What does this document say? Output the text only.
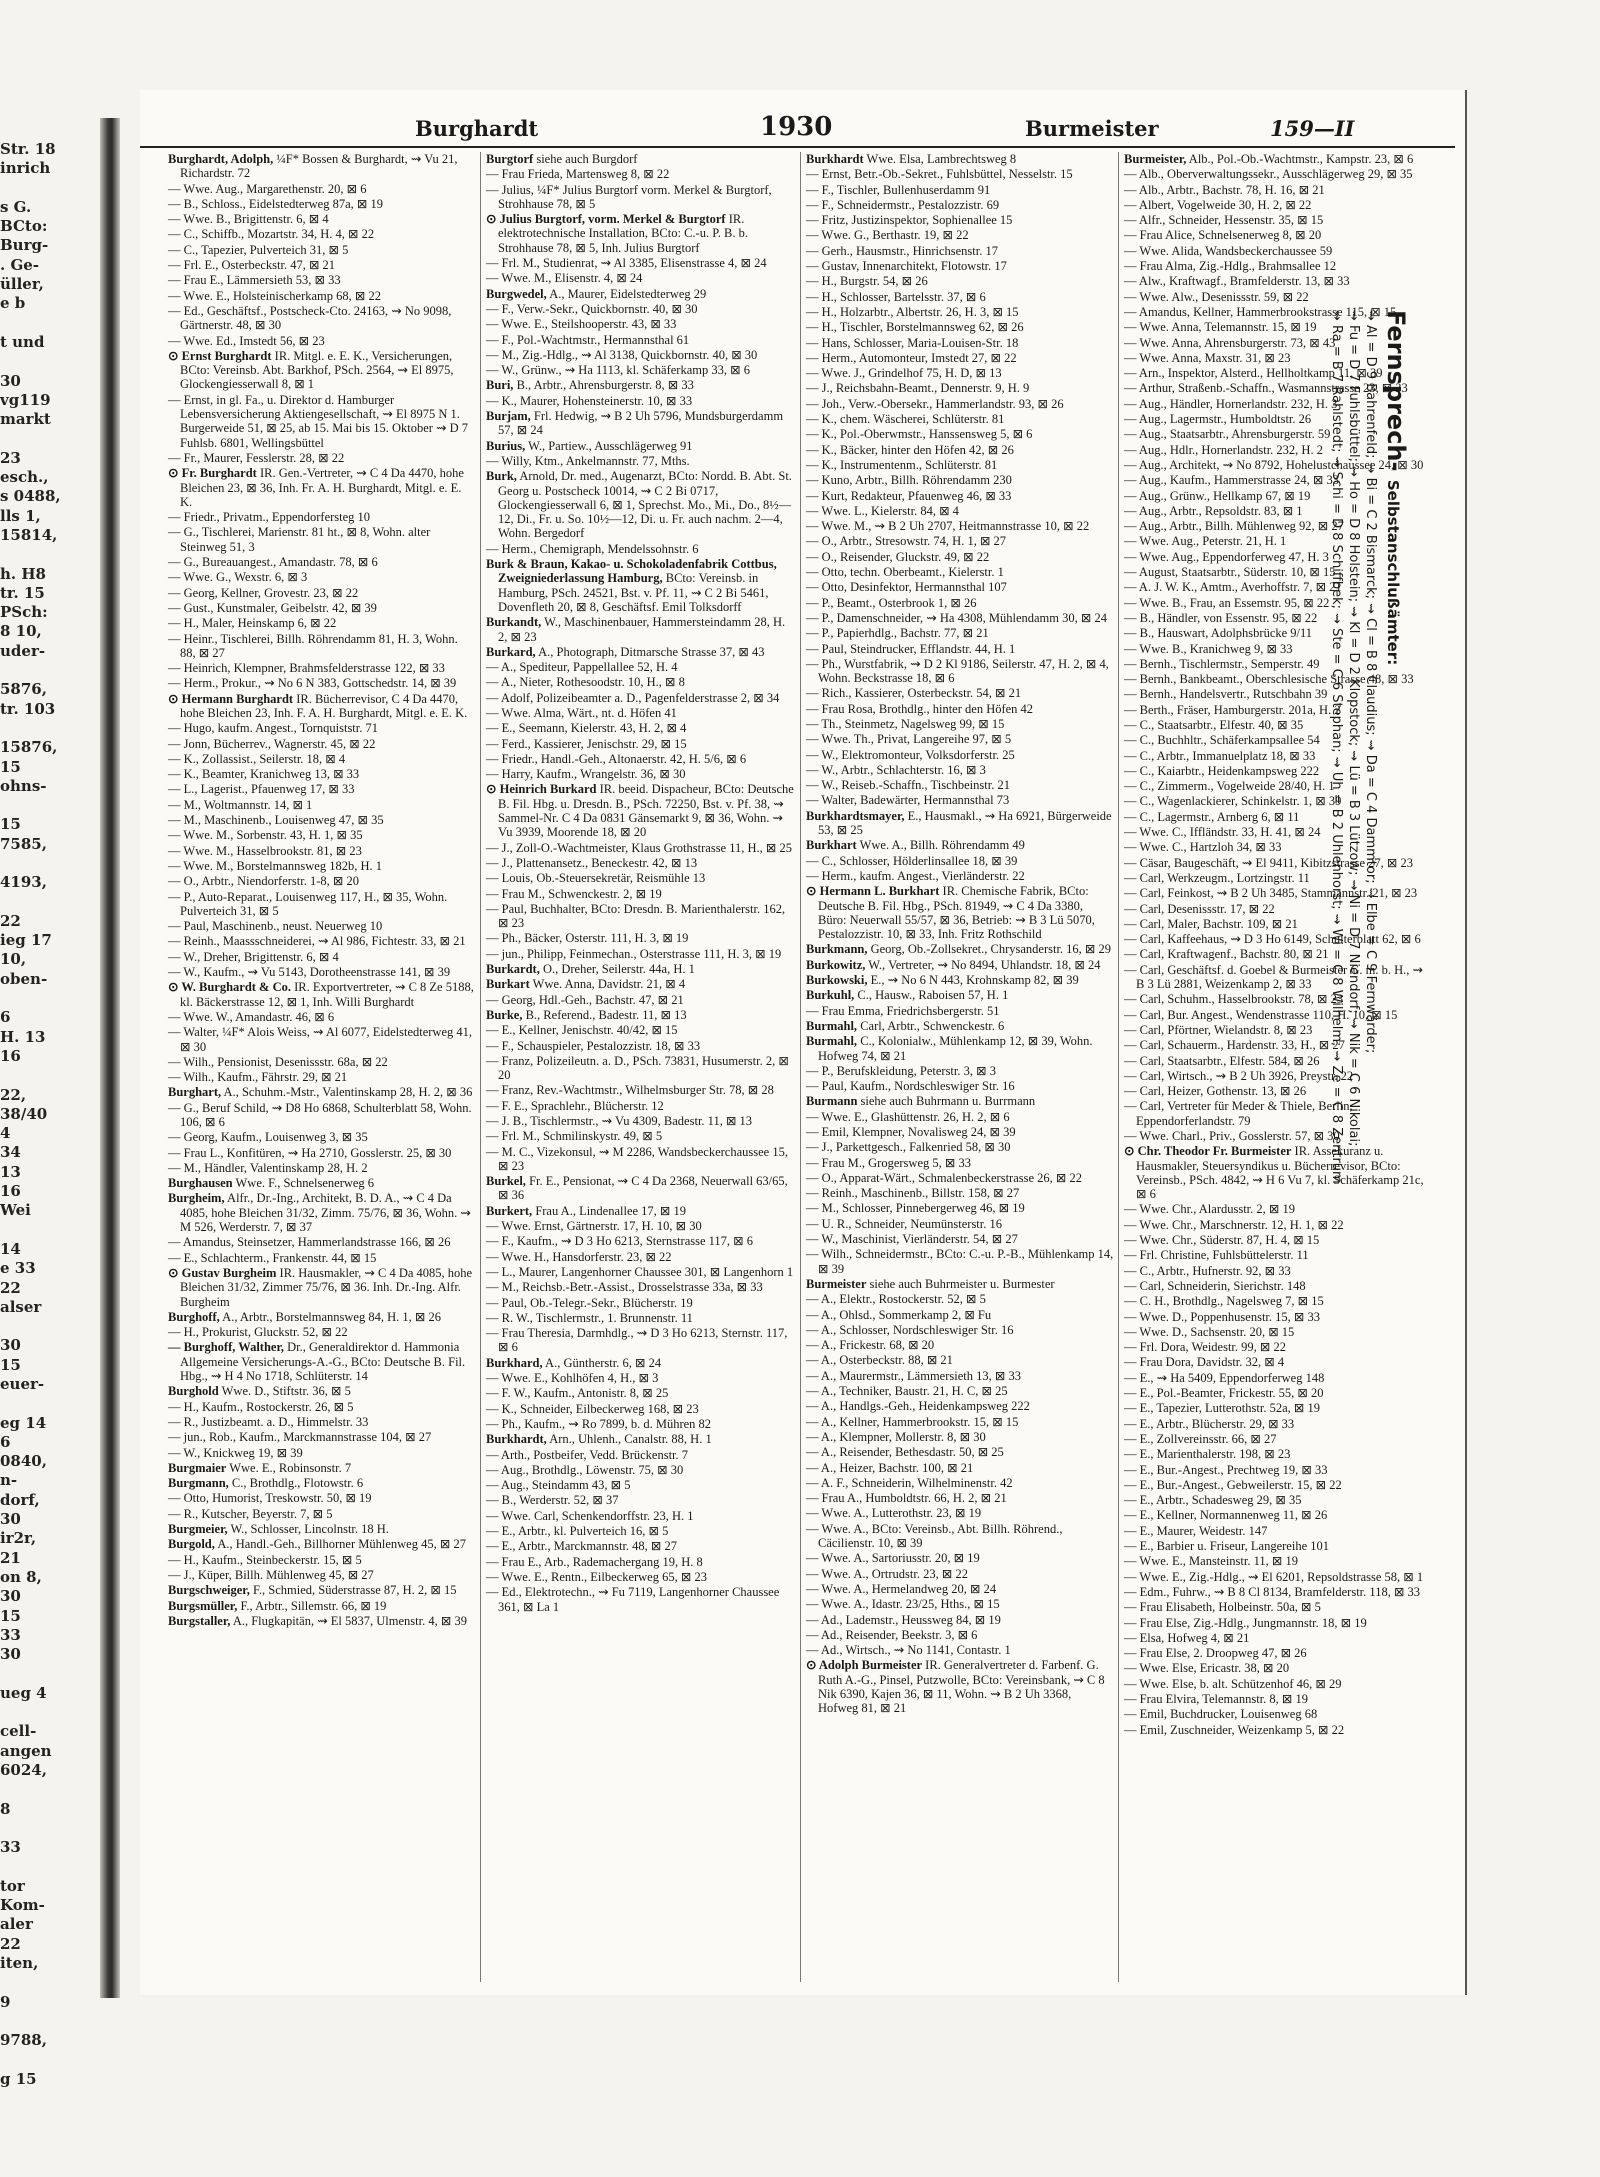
Str. 18
inrich
s G.
BCto:
Burg-
. Ge-
üller,
e b
t und
30
vg119
markt
23
esch.,
s 0488,
lls 1,
15814,
h. H8
tr. 15
PSch:
8 10,
uder-
5876,
tr. 103
15876,
15
ohns-
15
7585,
4193,
22
ieg 17
10,
oben-
6
H. 13
16
22,
38/40
4
34
13
16
Wei
14
e 33
22
alser
30
15
euer-
eg 14
6
0840,
n-
dorf,
30
ir2r,
21
on 8,
30
15
33
30
ueg 4
cell-
angen
6024,
8
33
tor
Kom-
aler
22
iten,
9
9788,
g 15
Burghardt	1930	Burmeister	159—II
Burghardt, Adolph, ¼F* Bossen & Burghardt, ⇝ Vu 21, Richardstr. 72
— Wwe. Aug., Margarethenstr. 20, ⊠ 6
— B., Schloss., Eidelstedterweg 87a, ⊠ 19
— Wwe. B., Brigittenstr. 6, ⊠ 4
— C., Schiffb., Mozartstr. 34, H. 4, ⊠ 22
— C., Tapezier, Pulverteich 31, ⊠ 5
— Frl. E., Osterbeckstr. 47, ⊠ 21
— Frau E., Lämmersieth 53, ⊠ 33
— Wwe. E., Holsteinischerkamp 68, ⊠ 22
— Ed., Geschäftsf., Postscheck-Cto. 24163, ⇝ No 9098, Gärtnerstr. 48, ⊠ 30
— Wwe. Ed., Imstedt 56, ⊠ 23
⊙ Ernst Burghardt IR. Mitgl. e. E. K., Versicherungen, BCto: Vereinsb. Abt. Barkhof, PSch. 2564, ⇝ El 8975, Glockengiesserwall 8, ⊠ 1
— Ernst, in gl. Fa., u. Direktor d. Hamburger Lebensversicherung Aktiengesellschaft, ⇝ El 8975 N 1. Burgerweide 51, ⊠ 25, ab 15. Mai bis 15. Oktober ⇝ D 7 Fuhlsb. 6801, Wellingsbüttel
— Fr., Maurer, Fesslerstr. 28, ⊠ 22
⊙ Fr. Burghardt IR. Gen.-Vertreter, ⇝ C 4 Da 4470, hohe Bleichen 23, ⊠ 36, Inh. Fr. A. H. Burghardt, Mitgl. e. E. K.
— Friedr., Privatm., Eppendorfersteg 10
— G., Tischlerei, Marienstr. 81 ht., ⊠ 8, Wohn. alter Steinweg 51, 3
— G., Bureauangest., Amandastr. 78, ⊠ 6
— Wwe. G., Wexstr. 6, ⊠ 3
— Georg, Kellner, Grovestr. 23, ⊠ 22
— Gust., Kunstmaler, Geibelstr. 42, ⊠ 39
— H., Maler, Heinskamp 6, ⊠ 22
— Heinr., Tischlerei, Billh. Röhrendamm 81, H. 3, Wohn. 88, ⊠ 27
— Heinrich, Klempner, Brahmsfelderstrasse 122, ⊠ 33
— Herm., Prokur., ⇝ No 6 N 383, Gottschedstr. 14, ⊠ 39
⊙ Hermann Burghardt IR. Bücherrevisor, C 4 Da 4470, hohe Bleichen 23, Inh. F. A. H. Burghardt, Mitgl. e. E. K.
— Hugo, kaufm. Angest., Tornquiststr. 71
— Jonn, Bücherrev., Wagnerstr. 45, ⊠ 22
— K., Zollassist., Seilerstr. 18, ⊠ 4
— K., Beamter, Kranichweg 13, ⊠ 33
— L., Lagerist., Pfauenweg 17, ⊠ 33
— M., Woltmannstr. 14, ⊠ 1
— M., Maschinenb., Louisenweg 47, ⊠ 35
— Wwe. M., Sorbenstr. 43, H. 1, ⊠ 35
— Wwe. M., Hasselbrookstr. 81, ⊠ 23
— Wwe. M., Borstelmannsweg 182b, H. 1
— O., Arbtr., Niendorferstr. 1-8, ⊠ 20
— P., Auto-Reparat., Louisenweg 117, H., ⊠ 35, Wohn. Pulverteich 31, ⊠ 5
— Paul, Maschinenb., neust. Neuerweg 10
— Reinh., Maassschneiderei, ⇝ Al 986, Fichtestr. 33, ⊠ 21
— W., Dreher, Brigittenstr. 6, ⊠ 4
— W., Kaufm., ⇝ Vu 5143, Dorotheenstrasse 141, ⊠ 39
⊙ W. Burghardt & Co. IR. Exportvertreter, ⇝ C 8 Ze 5188, kl. Bäckerstrasse 12, ⊠ 1, Inh. Willi Burghardt
— Wwe. W., Amandastr. 46, ⊠ 6
— Walter, ¼F* Alois Weiss, ⇝ Al 6077, Eidelstedterweg 41, ⊠ 30
— Wilh., Pensionist, Desenissstr. 68a, ⊠ 22
— Wilh., Kaufm., Fährstr. 29, ⊠ 21
Burghart, A., Schuhm.-Mstr., Valentinskamp 28, H. 2, ⊠ 36
— G., Beruf Schild, ⇝ D8 Ho 6868, Schulterblatt 58, Wohn. 106, ⊠ 6
— Georg, Kaufm., Louisenweg 3, ⊠ 35
— Frau L., Konfitüren, ⇝ Ha 2710, Gosslerstr. 25, ⊠ 30
— M., Händler, Valentinskamp 28, H. 2
Burghausen Wwe. F., Schnelsenerweg 6
Burgheim, Alfr., Dr.-Ing., Architekt, B. D. A., ⇝ C 4 Da 4085, hohe Bleichen 31/32, Zimm. 75/76, ⊠ 36, Wohn. ⇝ M 526, Werderstr. 7, ⊠ 37
— Amandus, Steinsetzer, Hammerlandstrasse 166, ⊠ 26
— E., Schlachterm., Frankenstr. 44, ⊠ 15
⊙ Gustav Burgheim IR. Hausmakler, ⇝ C 4 Da 4085, hohe Bleichen 31/32, Zimmer 75/76, ⊠ 36. Inh. Dr.-Ing. Alfr. Burgheim
Burghoff, A., Arbtr., Borstelmannsweg 84, H. 1, ⊠ 26
— H., Prokurist, Gluckstr. 52, ⊠ 22
— Burghoff, Walther, Dr., Generaldirektor d. Hammonia Allgemeine Versicherungs-A.-G., BCto: Deutsche B. Fil. Hbg., ⇝ H 4 No 1718, Schlüterstr. 14
Burghold Wwe. D., Stiftstr. 36, ⊠ 5
— H., Kaufm., Rostockerstr. 26, ⊠ 5
— R., Justizbeamt. a. D., Himmelstr. 33
— jun., Rob., Kaufm., Marckmannstrasse 104, ⊠ 27
— W., Knickweg 19, ⊠ 39
Burgmaier Wwe. E., Robinsonstr. 7
Burgmann, C., Brothdlg., Flotowstr. 6
— Otto, Humorist, Treskowstr. 50, ⊠ 19
— R., Kutscher, Beyerstr. 7, ⊠ 5
Burgmeier, W., Schlosser, Lincolnstr. 18 H.
Burgold, A., Handl.-Geh., Billhorner Mühlenweg 45, ⊠ 27
— H., Kaufm., Steinbeckerstr. 15, ⊠ 5
— J., Küper, Billh. Mühlenweg 45, ⊠ 27
Burgschweiger, F., Schmied, Süderstrasse 87, H. 2, ⊠ 15
Burgsmüller, F., Arbtr., Sillemstr. 66, ⊠ 19
Burgstaller, A., Flugkapitän, ⇝ El 5837, Ulmenstr. 4, ⊠ 39
Burgtorf siehe auch Burgdorf
— Frau Frieda, Martensweg 8, ⊠ 22
— Julius, ¼F* Julius Burgtorf vorm. Merkel & Burgtorf, Strohhause 78, ⊠ 5
⊙ Julius Burgtorf, vorm. Merkel & Burgtorf IR. elektrotechnische Installation, BCto: C.-u. P. B. b. Strohhause 78, ⊠ 5, Inh. Julius Burgtorf
— Frl. M., Studienrat, ⇝ Al 3385, Elisenstrasse 4, ⊠ 24
— Wwe. M., Elisenstr. 4, ⊠ 24
Burgwedel, A., Maurer, Eidelstedterweg 29
— F., Verw.-Sekr., Quickbornstr. 40, ⊠ 30
— Wwe. E., Steilshooperstr. 43, ⊠ 33
— F., Pol.-Wachtmstr., Hermannsthal 61
— M., Zig.-Hdlg., ⇝ Al 3138, Quickbornstr. 40, ⊠ 30
— W., Grünw., ⇝ Ha 1113, kl. Schäferkamp 33, ⊠ 6
Buri, B., Arbtr., Ahrensburgerstr. 8, ⊠ 33
— K., Maurer, Hohensteinerstr. 10, ⊠ 33
Burjam, Frl. Hedwig, ⇝ B 2 Uh 5796, Mundsburgerdamm 57, ⊠ 24
Burius, W., Partiew., Ausschlägerweg 91
— Willy, Ktm., Ankelmannstr. 77, Mths.
Burk, Arnold, Dr. med., Augenarzt, BCto: Nordd. B. Abt. St. Georg u. Postscheck 10014, ⇝ C 2 Bi 0717, Glockengiesserwall 6, ⊠ 1, Sprechst. Mo., Mi., Do., 8½—12, Di., Fr. u. So. 10½—12, Di. u. Fr. auch nachm. 2—4, Wohn. Bergedorf
— Herm., Chemigraph, Mendelssohnstr. 6
Burk & Braun, Kakao- u. Schokoladenfabrik Cottbus, Zweigniederlassung Hamburg, BCto: Vereinsb. in Hamburg, PSch. 24521, Bst. v. Pf. 11, ⇝ C 2 Bi 5461, Dovenfleth 20, ⊠ 8, Geschäftsf. Emil Tolksdorff
Burkandt, W., Maschinenbauer, Hammersteindamm 28, H. 2, ⊠ 23
Burkard, A., Photograph, Ditmarsche Strasse 37, ⊠ 43
— A., Spediteur, Pappellallee 52, H. 4
— A., Nieter, Rothesoodstr. 10, H., ⊠ 8
— Adolf, Polizeibeamter a. D., Pagenfelderstrasse 2, ⊠ 34
— Wwe. Alma, Wärt., nt. d. Höfen 41
— E., Seemann, Kielerstr. 43, H. 2, ⊠ 4
— Ferd., Kassierer, Jenischstr. 29, ⊠ 15
— Friedr., Handl.-Geh., Altonaerstr. 42, H. 5/6, ⊠ 6
— Harry, Kaufm., Wrangelstr. 36, ⊠ 30
⊙ Heinrich Burkard IR. beeid. Dispacheur, BCto: Deutsche B. Fil. Hbg. u. Dresdn. B., PSch. 72250, Bst. v. Pf. 38, ⇝ Sammel-Nr. C 4 Da 0831 Gänsemarkt 9, ⊠ 36, Wohn. ⇝ Vu 3939, Moorende 18, ⊠ 20
— J., Zoll-O.-Wachtmeister, Klaus Grothstrasse 11, H., ⊠ 25
— J., Plattenansetz., Beneckestr. 42, ⊠ 13
— Louis, Ob.-Steuersekretär, Reismühle 13
— Frau M., Schwenckestr. 2, ⊠ 19
— Paul, Buchhalter, BCto: Dresdn. B. Marienthalerstr. 162, ⊠ 23
— Ph., Bäcker, Osterstr. 111, H. 3, ⊠ 19
— jun., Philipp, Feinmechan., Osterstrasse 111, H. 3, ⊠ 19
Burkardt, O., Dreher, Seilerstr. 44a, H. 1
Burkart Wwe. Anna, Davidstr. 21, ⊠ 4
— Georg, Hdl.-Geh., Bachstr. 47, ⊠ 21
Burke, B., Referend., Badestr. 11, ⊠ 13
— E., Kellner, Jenischstr. 40/42, ⊠ 15
— F., Schauspieler, Pestalozzistr. 18, ⊠ 33
— Franz, Polizeileutn. a. D., PSch. 73831, Husumerstr. 2, ⊠ 20
— Franz, Rev.-Wachtmstr., Wilhelmsburger Str. 78, ⊠ 28
— F. E., Sprachlehr., Blücherstr. 12
— J. B., Tischlermstr., ⇝ Vu 4309, Badestr. 11, ⊠ 13
— Frl. M., Schmilinskystr. 49, ⊠ 5
— M. C., Vizekonsul, ⇝ M 2286, Wandsbeckerchaussee 15, ⊠ 23
Burkel, Fr. E., Pensionat, ⇝ C 4 Da 2368, Neuerwall 63/65, ⊠ 36
Burkert, Frau A., Lindenallee 17, ⊠ 19
— Wwe. Ernst, Gärtnerstr. 17, H. 10, ⊠ 30
— F., Kaufm., ⇝ D 3 Ho 6213, Sternstrasse 117, ⊠ 6
— Wwe. H., Hansdorferstr. 23, ⊠ 22
— L., Maurer, Langenhorner Chaussee 301, ⊠ Langenhorn 1
— M., Reichsb.-Betr.-Assist., Drosselstrasse 33a, ⊠ 33
— Paul, Ob.-Telegr.-Sekr., Blücherstr. 19
— R. W., Tischlermstr., 1. Brunnenstr. 11
— Frau Theresia, Darmhdlg., ⇝ D 3 Ho 6213, Sternstr. 117, ⊠ 6
Burkhard, A., Güntherstr. 6, ⊠ 24
— Wwe. E., Kohlhöfen 4, H., ⊠ 3
— F. W., Kaufm., Antonistr. 8, ⊠ 25
— K., Schneider, Eilbeckerweg 168, ⊠ 23
— Ph., Kaufm., ⇝ Ro 7899, b. d. Mühren 82
Burkhardt, Arn., Uhlenh., Canalstr. 88, H. 1
— Arth., Postbeifer, Vedd. Brückenstr. 7
— Aug., Brothdlg., Löwenstr. 75, ⊠ 30
— Aug., Steindamm 43, ⊠ 5
— B., Werderstr. 52, ⊠ 37
— Wwe. Carl, Schenkendorffstr. 23, H. 1
— E., Arbtr., kl. Pulverteich 16, ⊠ 5
— E., Arbtr., Marckmannstr. 48, ⊠ 27
— Frau E., Arb., Rademachergang 19, H. 8
— Wwe. E., Rentn., Eilbeckerweg 65, ⊠ 23
— Ed., Elektrotechn., ⇝ Fu 7119, Langenhorner Chaussee 361, ⊠ La 1
Burkhardt Wwe. Elsa, Lambrechtsweg 8
— Ernst, Betr.-Ob.-Sekret., Fuhlsbüttel, Nesselstr. 15
— F., Tischler, Bullenhuserdamm 91
— F., Schneidermstr., Pestalozzistr. 69
— Fritz, Justizinspektor, Sophienallee 15
— Wwe. G., Berthastr. 19, ⊠ 22
— Gerh., Hausmstr., Hinrichsenstr. 17
— Gustav, Innenarchitekt, Flotowstr. 17
— H., Burgstr. 54, ⊠ 26
— H., Schlosser, Bartelsstr. 37, ⊠ 6
— H., Holzarbtr., Albertstr. 26, H. 3, ⊠ 15
— H., Tischler, Borstelmannsweg 62, ⊠ 26
— Hans, Schlosser, Maria-Louisen-Str. 18
— Herm., Automonteur, Imstedt 27, ⊠ 22
— Wwe. J., Grindelhof 75, H. D, ⊠ 13
— J., Reichsbahn-Beamt., Dennerstr. 9, H. 9
— Joh., Verw.-Obersekr., Hammerlandstr. 93, ⊠ 26
— K., chem. Wäscherei, Schlüterstr. 81
— K., Pol.-Oberwmstr., Hanssensweg 5, ⊠ 6
— K., Bäcker, hinter den Höfen 42, ⊠ 26
— K., Instrumentenm., Schlüterstr. 81
— Kuno, Arbtr., Billh. Röhrendamm 230
— Kurt, Redakteur, Pfauenweg 46, ⊠ 33
— Wwe. L., Kielerstr. 84, ⊠ 4
— Wwe. M., ⇝ B 2 Uh 2707, Heitmannstrasse 10, ⊠ 22
— O., Arbtr., Stresowstr. 74, H. 1, ⊠ 27
— O., Reisender, Gluckstr. 49, ⊠ 22
— Otto, techn. Oberbeamt., Kielerstr. 1
— Otto, Desinfektor, Hermannsthal 107
— P., Beamt., Osterbrook 1, ⊠ 26
— P., Damenschneider, ⇝ Ha 4308, Mühlendamm 30, ⊠ 24
— P., Papierhdlg., Bachstr. 77, ⊠ 21
— Paul, Steindrucker, Efflandstr. 44, H. 1
— Ph., Wurstfabrik, ⇝ D 2 Kl 9186, Seilerstr. 47, H. 2, ⊠ 4, Wohn. Beckstrasse 18, ⊠ 6
— Rich., Kassierer, Osterbeckstr. 54, ⊠ 21
— Frau Rosa, Brothdlg., hinter den Höfen 42
— Th., Steinmetz, Nagelsweg 99, ⊠ 15
— Wwe. Th., Privat, Langereihe 97, ⊠ 5
— W., Elektromonteur, Volksdorferstr. 25
— W., Arbtr., Schlachterstr. 16, ⊠ 3
— W., Reiseb.-Schaffn., Tischbeinstr. 21
— Walter, Badewärter, Hermannsthal 73
Burkhardtsmayer, E., Hausmakl., ⇝ Ha 6921, Bürgerweide 53, ⊠ 25
Burkhart Wwe. A., Billh. Röhrendamm 49
— C., Schlosser, Hölderlinsallee 18, ⊠ 39
— Herm., kaufm. Angest., Vierländerstr. 22
⊙ Hermann L. Burkhart IR. Chemische Fabrik, BCto: Deutsche B. Fil. Hbg., PSch. 81949, ⇝ C 4 Da 3380, Büro: Neuerwall 55/57, ⊠ 36, Betrieb: ⇝ B 3 Lü 5070, Pestalozzistr. 10, ⊠ 33, Inh. Fritz Rothschild
Burkmann, Georg, Ob.-Zollsekret., Chrysanderstr. 16, ⊠ 29
Burkowitz, W., Vertreter, ⇝ No 8494, Uhlandstr. 18, ⊠ 24
Burkowski, E., ⇝ No 6 N 443, Krohnskamp 82, ⊠ 39
Burkuhl, C., Hausw., Raboisen 57, H. 1
— Frau Emma, Friedrichsbergerstr. 51
Burmahl, Carl, Arbtr., Schwenckestr. 6
Burmahl, C., Kolonialw., Mühlenkamp 12, ⊠ 39, Wohn. Hofweg 74, ⊠ 21
— P., Berufskleidung, Peterstr. 3, ⊠ 3
— Paul, Kaufm., Nordschleswiger Str. 16
Burmann siehe auch Buhrmann u. Burrmann
— Wwe. E., Glashüttenstr. 26, H. 2, ⊠ 6
— Emil, Klempner, Novalisweg 24, ⊠ 39
— J., Parkettgesch., Falkenried 58, ⊠ 30
— Frau M., Grogersweg 5, ⊠ 33
— O., Apparat-Wärt., Schmalenbeckerstrasse 26, ⊠ 22
— Reinh., Maschinenb., Billstr. 158, ⊠ 27
— M., Schlosser, Pinnebergerweg 46, ⊠ 19
— U. R., Schneider, Neumünsterstr. 16
— W., Maschinist, Vierländerstr. 54, ⊠ 27
— Wilh., Schneidermstr., BCto: C.-u. P.-B., Mühlenkamp 14, ⊠ 39
Burmeister siehe auch Buhrmeister u. Burmester
— A., Elektr., Rostockerstr. 52, ⊠ 5
— A., Ohlsd., Sommerkamp 2, ⊠ Fu
— A., Schlosser, Nordschleswiger Str. 16
— A., Frickestr. 68, ⊠ 20
— A., Osterbeckstr. 88, ⊠ 21
— A., Maurermstr., Lämmersieth 13, ⊠ 33
— A., Techniker, Baustr. 21, H. C, ⊠ 25
— A., Handlgs.-Geh., Heidenkampsweg 222
— A., Kellner, Hammerbrookstr. 15, ⊠ 15
— A., Klempner, Mollerstr. 8, ⊠ 30
— A., Reisender, Bethesdastr. 50, ⊠ 25
— A., Heizer, Bachstr. 100, ⊠ 21
— A. F., Schneiderin, Wilhelminenstr. 42
— Frau A., Humboldtstr. 66, H. 2, ⊠ 21
— Wwe. A., Lutterothstr. 23, ⊠ 19
— Wwe. A., BCto: Vereinsb., Abt. Billh. Röhrend., Cäcilienstr. 10, ⊠ 39
— Wwe. A., Sartoriusstr. 20, ⊠ 19
— Wwe. A., Ortrudstr. 23, ⊠ 22
— Wwe. A., Hermelandweg 20, ⊠ 24
— Wwe. A., Idastr. 23/25, Hths., ⊠ 15
— Ad., Lademstr., Heussweg 84, ⊠ 19
— Ad., Reisender, Beekstr. 3, ⊠ 6
— Ad., Wirtsch., ⇝ No 1141, Contastr. 1
⊙ Adolph Burmeister IR. Generalvertreter d. Farbenf. G. Ruth A.-G., Pinsel, Putzwolle, BCto: Vereinsbank, ⇝ C 8 Nik 6390, Kajen 36, ⊠ 11, Wohn. ⇝ B 2 Uh 3368, Hofweg 81, ⊠ 21
Burmeister, Alb., Pol.-Ob.-Wachtmstr., Kampstr. 23, ⊠ 6
— Alb., Oberverwaltungssekr., Ausschlägerweg 29, ⊠ 35
— Alb., Arbtr., Bachstr. 78, H. 16, ⊠ 21
— Albert, Vogelweide 30, H. 2, ⊠ 22
— Alfr., Schneider, Hessenstr. 35, ⊠ 15
— Frau Alice, Schnelsenerweg 8, ⊠ 20
— Wwe. Alida, Wandsbeckerchaussee 59
— Frau Alma, Zig.-Hdlg., Brahmsallee 12
— Alw., Kraftwagf., Bramfelderstr. 13, ⊠ 33
— Wwe. Alw., Desenissstr. 59, ⊠ 22
— Amandus, Kellner, Hammerbrookstrasse 115, ⊠ 15
— Wwe. Anna, Telemannstr. 15, ⊠ 19
— Wwe. Anna, Ahrensburgerstr. 73, ⊠ 43
— Wwe. Anna, Maxstr. 31, ⊠ 23
— Arn., Inspektor, Alsterd., Hellholtkamp 11, ⊠ 39
— Arthur, Straßenb.-Schaffn., Wasmannstrasse 23, ⊠ 33
— Aug., Händler, Hornerlandstr. 232, H. 3
— Aug., Lagermstr., Humboldtstr. 26
— Aug., Staatsarbtr., Ahrensburgerstr. 59
— Aug., Hdlr., Hornerlandstr. 232, H. 2
— Aug., Architekt, ⇝ No 8792, Hohelustchaussee 24, ⊠ 30
— Aug., Kaufm., Hammerstrasse 24, ⊠ 33
— Aug., Grünw., Hellkamp 67, ⊠ 19
— Aug., Arbtr., Repsoldstr. 83, ⊠ 1
— Aug., Arbtr., Billh. Mühlenweg 92, ⊠ 27
— Wwe. Aug., Peterstr. 21, H. 1
— Wwe. Aug., Eppendorferweg 47, H. 3
— August, Staatsarbtr., Süderstr. 10, ⊠ 15
— A. J. W. K., Amtm., Averhoffstr. 7, ⊠ 21
— Wwe. B., Frau, an Essemstr. 95, ⊠ 22
— B., Händler, von Essenstr. 95, ⊠ 22
— B., Hauswart, Adolphsbrücke 9/11
— Wwe. B., Kranichweg 9, ⊠ 33
— Bernh., Tischlermstr., Semperstr. 49
— Bernh., Bankbeamt., Oberschlesische Strasse 48, ⊠ 33
— Bernh., Handelsvertr., Rutschbahn 39
— Berth., Fräser, Hamburgerstr. 201a, H. 2
— C., Staatsarbtr., Elfestr. 40, ⊠ 35
— C., Buchhltr., Schäferkampsallee 54
— C., Arbtr., Immanuelplatz 18, ⊠ 33
— C., Kaiarbtr., Heidenkampsweg 222
— C., Zimmerm., Vogelweide 28/40, H. 1
— C., Wagenlackierer, Schinkelstr. 1, ⊠ 39
— C., Lagermstr., Arnberg 6, ⊠ 11
— Wwe. C., Iffländstr. 33, H. 41, ⊠ 24
— Wwe. C., Hartzloh 34, ⊠ 33
— Cäsar, Baugeschäft, ⇝ El 9411, Kibitzstrasse 27, ⊠ 23
— Carl, Werkzeugm., Lortzingstr. 11
— Carl, Feinkost, ⇝ B 2 Uh 3485, Stammannstr. 21, ⊠ 23
— Carl, Desenissstr. 17, ⊠ 22
— Carl, Maler, Bachstr. 109, ⊠ 21
— Carl, Kaffeehaus, ⇝ D 3 Ho 6149, Schulterblatt 62, ⊠ 6
— Carl, Kraftwagenf., Bachstr. 80, ⊠ 21
— Carl, Geschäftsf. d. Goebel & Burmeister G. m. b. H., ⇝ B 3 Lü 2881, Weizenkamp 2, ⊠ 33
— Carl, Schuhm., Hasselbrookstr. 78, ⊠ 23
— Carl, Bur. Angest., Wendenstrasse 110, H. 10, ⊠ 15
— Carl, Pförtner, Wielandstr. 8, ⊠ 23
— Carl, Schauerm., Hardenstr. 33, H., ⊠ 27
— Carl, Staatsarbtr., Elfestr. 584, ⊠ 26
— Carl, Wirtsch., ⇝ B 2 Uh 3926, Preystr. 22
— Carl, Heizer, Gothenstr. 13, ⊠ 26
— Carl, Vertreter für Meder & Thiele, Berlin, Eppendorferlandstr. 79
— Wwe. Charl., Priv., Gosslerstr. 57, ⊠ 30
⊙ Chr. Theodor Fr. Burmeister IR. Assekuranz u. Hausmakler, Steuersyndikus u. Bücherrevisor, BCto: Vereinsb., PSch. 4842, ⇝ H 6 Vu 7, kl. Schäferkamp 21c, ⊠ 6
— Wwe. Chr., Alardusstr. 2, ⊠ 19
— Wwe. Chr., Marschnerstr. 12, H. 1, ⊠ 22
— Wwe. Chr., Süderstr. 87, H. 4, ⊠ 15
— Frl. Christine, Fuhlsbüttelerstr. 11
— C., Arbtr., Hufnerstr. 92, ⊠ 33
— Carl, Schneiderin, Sierichstr. 148
— C. H., Brothdlg., Nagelsweg 7, ⊠ 15
— Wwe. D., Poppenhusenstr. 15, ⊠ 33
— Wwe. D., Sachsenstr. 20, ⊠ 15
— Frl. Dora, Weidestr. 99, ⊠ 22
— Frau Dora, Davidstr. 32, ⊠ 4
— E., ⇝ Ha 5409, Eppendorferweg 148
— E., Pol.-Beamter, Frickestr. 55, ⊠ 20
— E., Tapezier, Lutterothstr. 52a, ⊠ 19
— E., Arbtr., Blücherstr. 29, ⊠ 33
— E., Zollvereinsstr. 66, ⊠ 27
— E., Marienthalerstr. 198, ⊠ 23
— E., Bur.-Angest., Prechtweg 19, ⊠ 33
— E., Bur.-Angest., Gebweilerstr. 15, ⊠ 22
— E., Arbtr., Schadesweg 29, ⊠ 35
— E., Kellner, Normannenweg 11, ⊠ 26
— E., Maurer, Weidestr. 147
— E., Barbier u. Friseur, Langereihe 101
— Wwe. E., Mansteinstr. 11, ⊠ 19
— Wwe. E., Zig.-Hdlg., ⇝ El 6201, Repsoldstrasse 58, ⊠ 1
— Edm., Fuhrw., ⇝ B 8 Cl 8134, Bramfelderstr. 118, ⊠ 33
— Frau Elisabeth, Holbeinstr. 50a, ⊠ 5
— Frau Else, Zig.-Hdlg., Jungmannstr. 18, ⊠ 19
— Elsa, Hofweg 4, ⊠ 21
— Frau Else, 2. Droopweg 47, ⊠ 26
— Wwe. Else, Ericastr. 38, ⊠ 20
— Wwe. Else, b. alt. Schützenhof 46, ⊠ 29
— Frau Elvira, Telemannstr. 8, ⊠ 19
— Emil, Buchdrucker, Louisenweg 68
— Emil, Zuschneider, Weizenkamp 5, ⊠ 22
Fernsprech- Selbstanschlußämter:
⇝ Al = D 9 Bahrenfeld; ⇝ Bi = C 2 Bismarck; ⇝ Cl = B 8 Claudius; ⇝ Da = C 4 Dammtor; ⇝ Elbe = C 9 Fernwärder;
⇝ Fu = D 7 Fuhlsbüttel; ⇝ Ho = D 8 Holstein; ⇝ Kl = D 2 Klopstock; ⇝ Lü = B 3 Lützow; ⇝ Ni = D 7 Niendorf; ⇝ Nik = C 6 Nikolai;
⇝ Ra = B 7 Rahlstedt; ⇝ Schi = D 8 Schiffbek; ⇝ Ste = C 6 Stephan; ⇝ Uh = B 2 Uhlenhorst; ⇝ Wi = C 8 Wilhelm; ⇝ Ze = C 8 Zentrum
